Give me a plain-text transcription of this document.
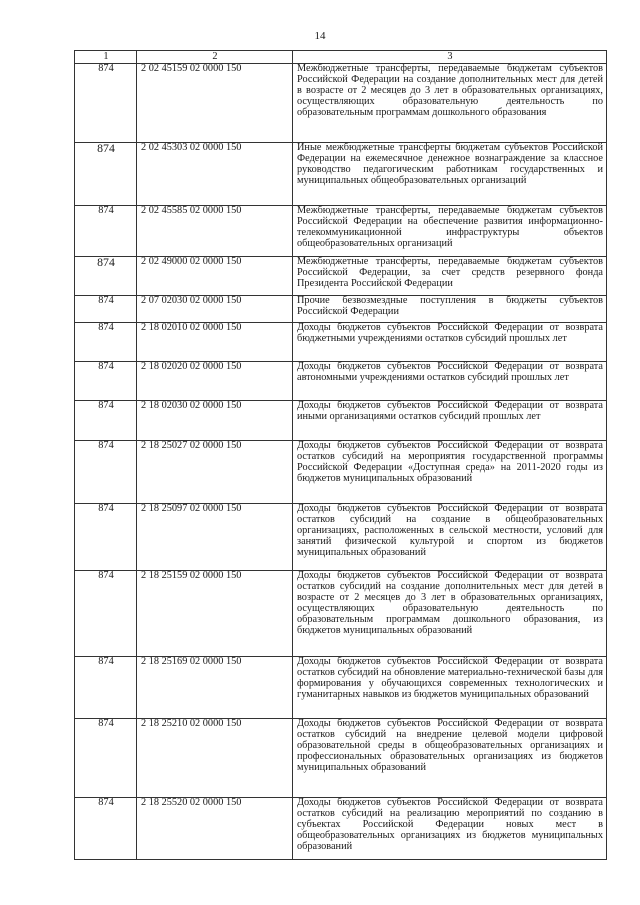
14
1	2	3
874	2 02 45159 02 0000 150	Межбюджетные трансферты, передаваемые бюджетам субъектов Российской Федерации на создание дополнительных мест для детей в возрасте от 2 месяцев до 3 лет в образовательных организациях, осуществляющих образовательную деятельность по образовательным программам дошкольного образования
874	2 02 45303 02 0000 150	Иные межбюджетные трансферты бюджетам субъектов Российской Федерации на ежемесячное денежное вознаграждение за классное руководство педагогическим работникам государственных и муниципальных общеобразовательных организаций
874	2 02 45585 02 0000 150	Межбюджетные трансферты, передаваемые бюджетам субъектов Российской Федерации на обеспечение развития информационно-телекоммуникационной инфраструктуры объектов общеобразовательных организаций
874	2 02 49000 02 0000 150	Межбюджетные трансферты, передаваемые бюджетам субъектов Российской Федерации, за счет средств резервного фонда Президента Российской Федерации
874	2 07 02030 02 0000 150	Прочие безвозмездные поступления в бюджеты субъектов Российской Федерации
874	2 18 02010 02 0000 150	Доходы бюджетов субъектов Российской Федерации от возврата бюджетными учреждениями остатков субсидий прошлых лет
874	2 18 02020 02 0000 150	Доходы бюджетов субъектов Российской Федерации от возврата автономными учреждениями остатков субсидий прошлых лет
874	2 18 02030 02 0000 150	Доходы бюджетов субъектов Российской Федерации от возврата иными организациями остатков субсидий прошлых лет
874	2 18 25027 02 0000 150	Доходы бюджетов субъектов Российской Федерации от возврата остатков субсидий на мероприятия государственной программы Российской Федерации «Доступная среда» на 2011-2020 годы из бюджетов муниципальных образований
874	2 18 25097 02 0000 150	Доходы бюджетов субъектов Российской Федерации от возврата остатков субсидий на создание в общеобразовательных организациях, расположенных в сельской местности, условий для занятий физической культурой и спортом из бюджетов муниципальных образований
874	2 18 25159 02 0000 150	Доходы бюджетов субъектов Российской Федерации от возврата остатков субсидий на создание дополнительных мест для детей в возрасте от 2 месяцев до 3 лет в образовательных организациях, осуществляющих образовательную деятельность по образовательным программам дошкольного образования, из бюджетов муниципальных образований
874	2 18 25169 02 0000 150	Доходы бюджетов субъектов Российской Федерации от возврата остатков субсидий на обновление материально-технической базы для формирования у обучающихся современных технологических и гуманитарных навыков из бюджетов муниципальных образований
874	2 18 25210 02 0000 150	Доходы бюджетов субъектов Российской Федерации от возврата остатков субсидий на внедрение целевой модели цифровой образовательной среды в общеобразовательных организациях и профессиональных образовательных организациях из бюджетов муниципальных образований
874	2 18 25520 02 0000 150	Доходы бюджетов субъектов Российской Федерации от возврата остатков субсидий на реализацию мероприятий по созданию в субъектах Российской Федерации новых мест в общеобразовательных организациях из бюджетов муниципальных образований
